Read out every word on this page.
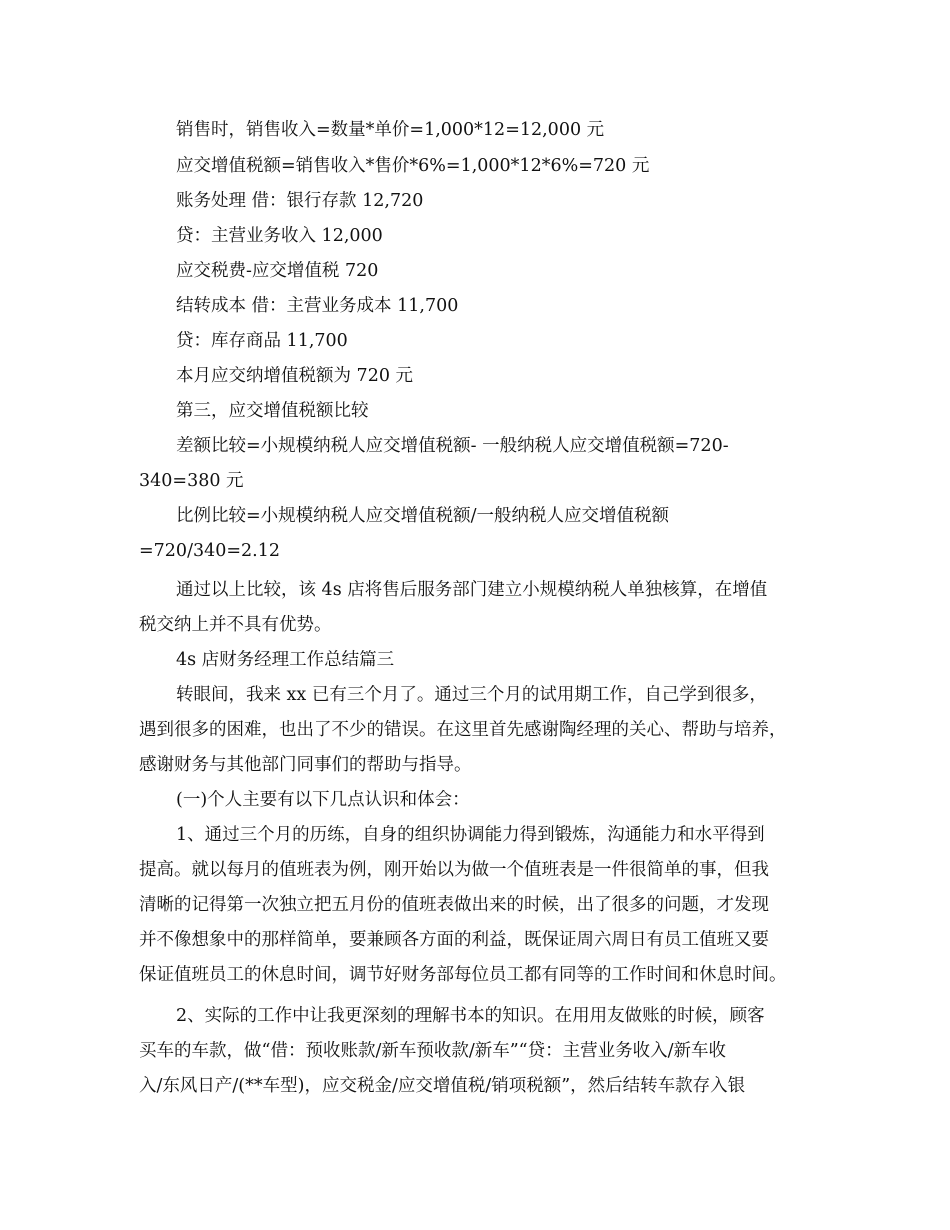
销售时，销售收入=数量*单价=1,000*12=12,000 元
应交增值税额=销售收入*售价*6%=1,000*12*6%=720 元
账务处理 借：银行存款 12,720
贷：主营业务收入 12,000
应交税费-应交增值税 720
结转成本 借：主营业务成本 11,700
贷：库存商品 11,700
本月应交纳增值税额为 720 元
第三，应交增值税额比较
差额比较=小规模纳税人应交增值税额- 一般纳税人应交增值税额=720-
340=380 元
比例比较=小规模纳税人应交增值税额/一般纳税人应交增值税额
=720/340=2.12
通过以上比较，该 4s 店将售后服务部门建立小规模纳税人单独核算，在增值
税交纳上并不具有优势。
4s 店财务经理工作总结篇三
转眼间，我来 xx 已有三个月了。通过三个月的试用期工作，自己学到很多，
遇到很多的困难，也出了不少的错误。在这里首先感谢陶经理的关心、帮助与培养，
感谢财务与其他部门同事们的帮助与指导。
(一)个人主要有以下几点认识和体会：
1、通过三个月的历练，自身的组织协调能力得到锻炼，沟通能力和水平得到
提高。就以每月的值班表为例，刚开始以为做一个值班表是一件很简单的事，但我
清晰的记得第一次独立把五月份的值班表做出来的时候，出了很多的问题，才发现
并不像想象中的那样简单，要兼顾各方面的利益，既保证周六周日有员工值班又要
保证值班员工的休息时间，调节好财务部每位员工都有同等的工作时间和休息时间。
2、实际的工作中让我更深刻的理解书本的知识。在用用友做账的时候，顾客
买车的车款，做“借：预收账款/新车预收款/新车”“贷：主营业务收入/新车收
入/东风日产/(**车型)，应交税金/应交增值税/销项税额”，然后结转车款存入银
